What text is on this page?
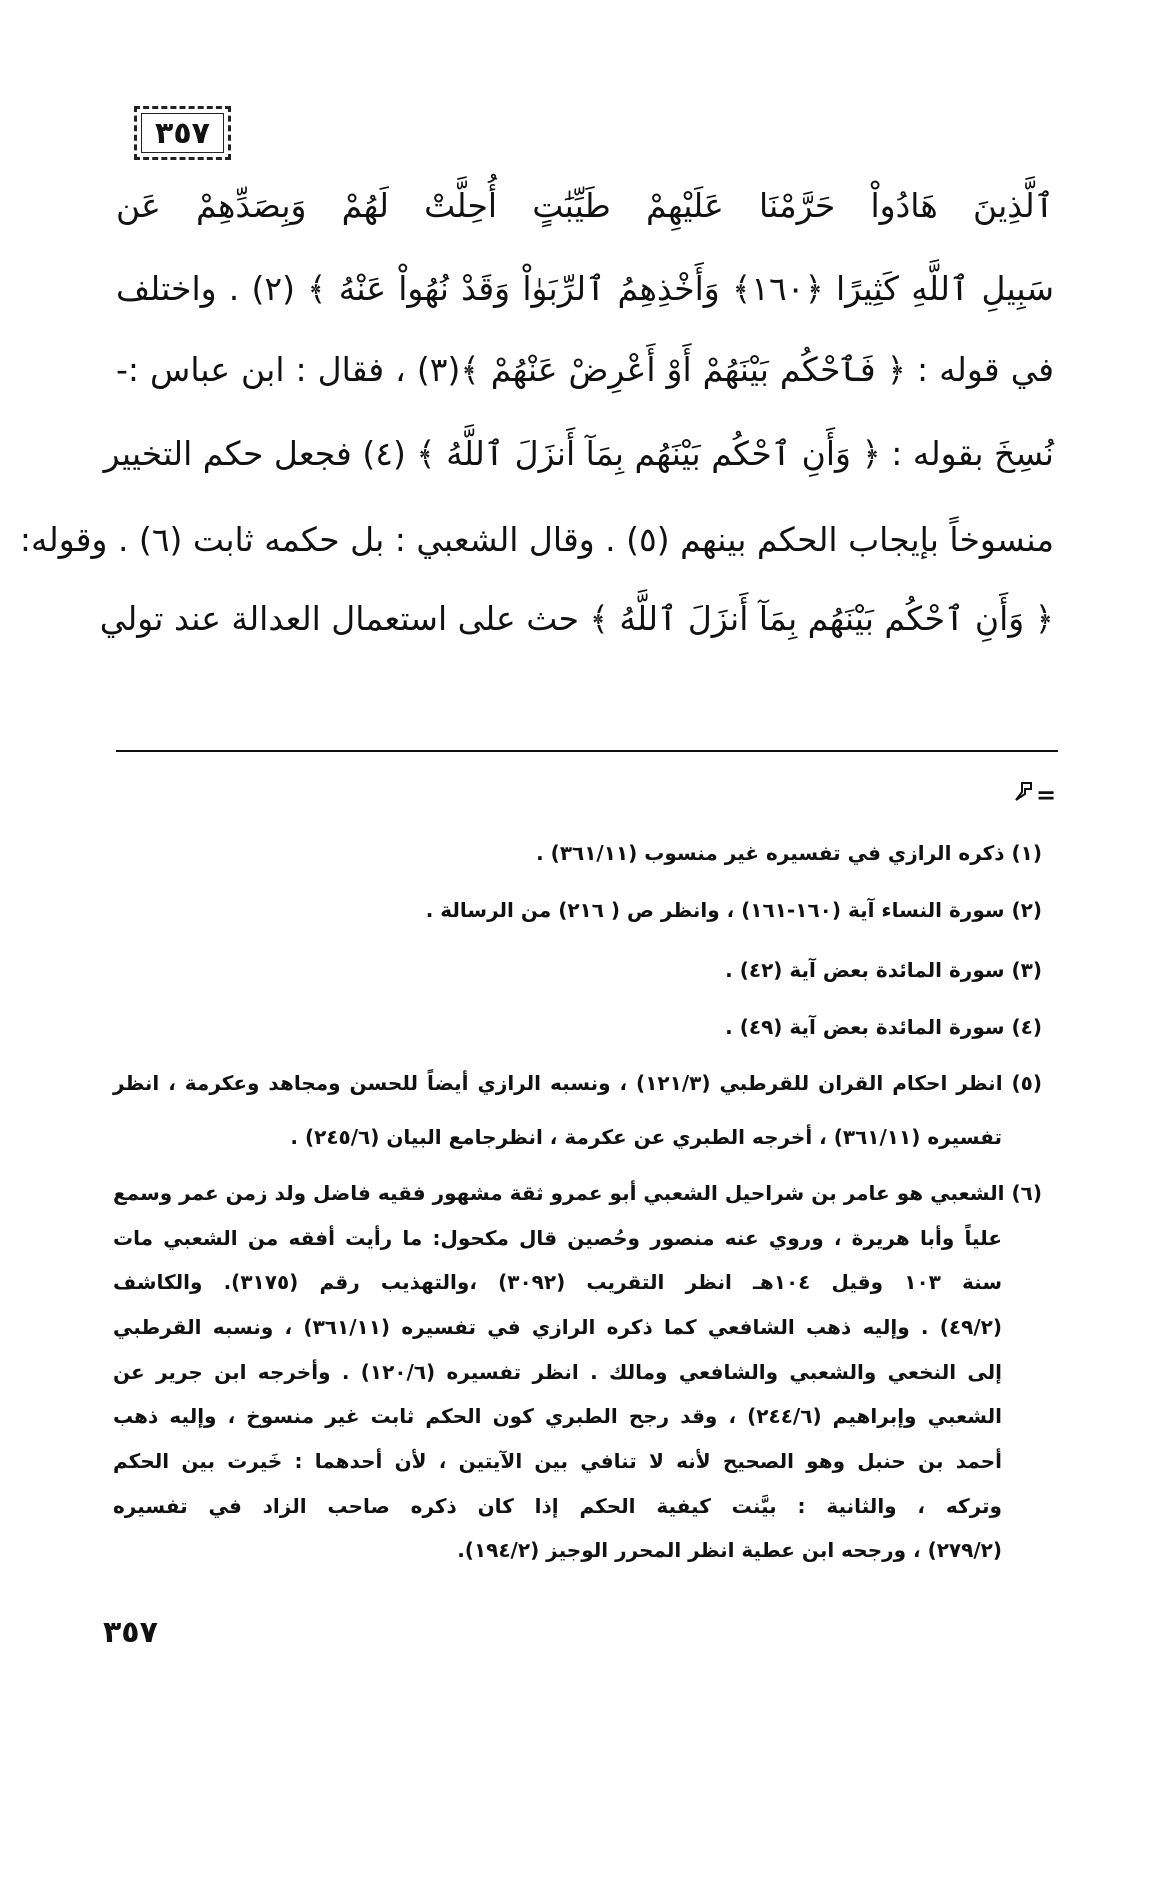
٣٥٧
ٱلَّذِينَ هَادُواْ حَرَّمْنَا عَلَيْهِمْ طَيِّبَٰتٍ أُحِلَّتْ لَهُمْ وَبِصَدِّهِمْ عَن
سَبِيلِ ٱللَّهِ كَثِيرًا ﴿١٦٠﴾ وَأَخْذِهِمُ ٱلرِّبَوٰاْ وَقَدْ نُهُواْ عَنْهُ ﴾ (٢) . واختلف
في قوله : ﴿ فَٱحْكُم بَيْنَهُمْ أَوْ أَعْرِضْ عَنْهُمْ ﴾(٣) ، فقال : ابن عباس :-
نُسِخَ بقوله : ﴿ وَأَنِ ٱحْكُم بَيْنَهُم بِمَآ أَنزَلَ ٱللَّهُ ﴾ (٤) فجعل حكم التخيير
منسوخاً بإيجاب الحكم بينهم (٥) . وقال الشعبي : بل حكمه ثابت (٦) . وقوله:
﴿ وَأَنِ ٱحْكُم بَيْنَهُم بِمَآ أَنزَلَ ٱللَّهُ ﴾ حث على استعمال العدالة عند تولي
=
(١) ذكره الرازي في تفسيره غير منسوب (٣٦١/١١) .
(٢) سورة النساء آية (١٦٠-١٦١) ، وانظر ص ( ٢١٦) من الرسالة .
(٣) سورة المائدة بعض آية (٤٢) .
(٤) سورة المائدة بعض آية (٤٩) .
(٥) انظر احكام القران للقرطبي (١٢١/٣) ، ونسبه الرازي أيضاً للحسن ومجاهد وعكرمة ، انظر
تفسيره (٣٦١/١١) ، أخرجه الطبري عن عكرمة ، انظرجامع البيان (٢٤٥/٦) .
(٦) الشعبي هو عامر بن شراحيل الشعبي أبو عمرو ثقة مشهور فقيه فاضل ولد زمن عمر وسمع
علياً وأبا هريرة ، وروي عنه منصور وحُصين قال مكحول: ما رأيت أفقه من الشعبي مات
سنة ١٠٣ وقيل ١٠٤هـ انظر التقريب (٣٠٩٢) ،والتهذيب رقم (٣١٧٥). والكاشف
(٤٩/٢) . وإليه ذهب الشافعي كما ذكره الرازي في تفسيره (٣٦١/١١) ، ونسبه القرطبي
إلى النخعي والشعبي والشافعي ومالك . انظر تفسيره (١٢٠/٦) . وأخرجه ابن جرير عن
الشعبي وإبراهيم (٢٤٤/٦) ، وقد رجح الطبري كون الحكم ثابت غير منسوخ ، وإليه ذهب
أحمد بن حنبل وهو الصحيح لأنه لا تنافي بين الآيتين ، لأن أحدهما : خَيرت بين الحكم
وتركه ، والثانية : بيَّنت كيفية الحكم إذا كان ذكره صاحب الزاد في تفسيره
(٢٧٩/٢) ، ورجحه ابن عطية انظر المحرر الوجيز (١٩٤/٢).
٣٥٧
